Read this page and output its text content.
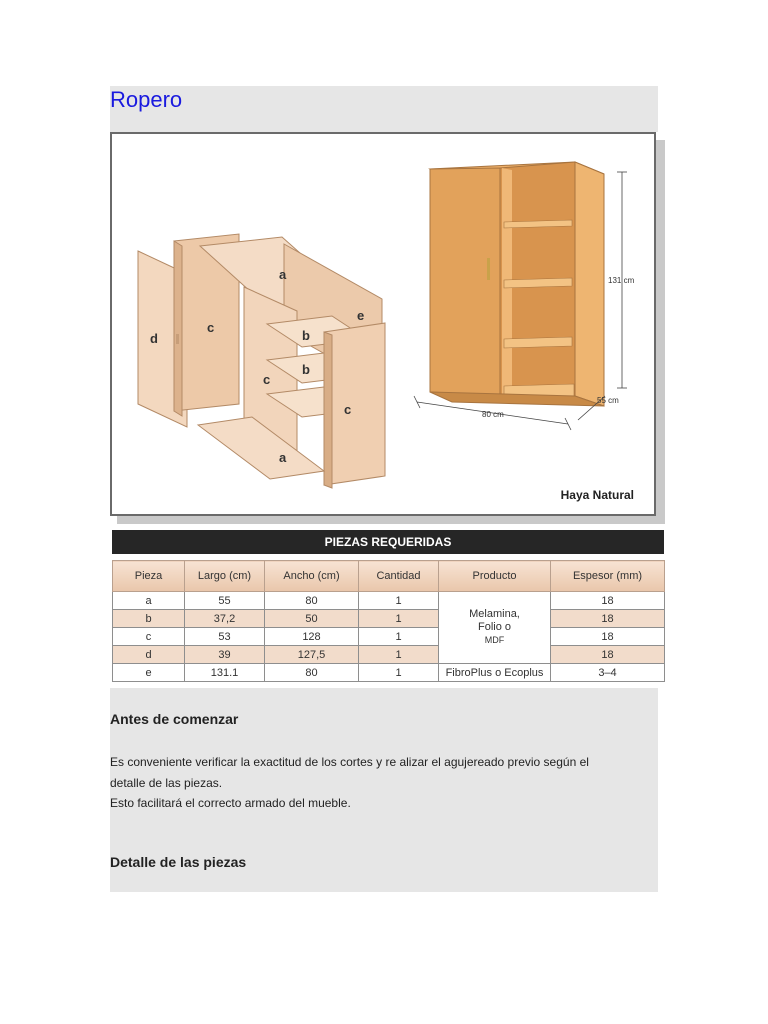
Ropero
a
c
d
e
b
b
c
c
a
131 cm
80 cm
55 cm
Haya Natural
PIEZAS REQUERIDAS
Pieza	Largo (cm)	Ancho (cm)	Cantidad	Producto	Espesor (mm)
a	55	80	1	Melamina,
Folio o
MDF	18
b	37,2	50	1		18
c	53	128	1		18
d	39	127,5	1		18
e	131.1	80	1	FibroPlus o Ecoplus	3–4
Antes de comenzar
Es conveniente verificar la exactitud de los cortes y re alizar el agujereado previo según el
detalle de las piezas.
Esto facilitará el correcto armado del mueble.
Detalle de las piezas
